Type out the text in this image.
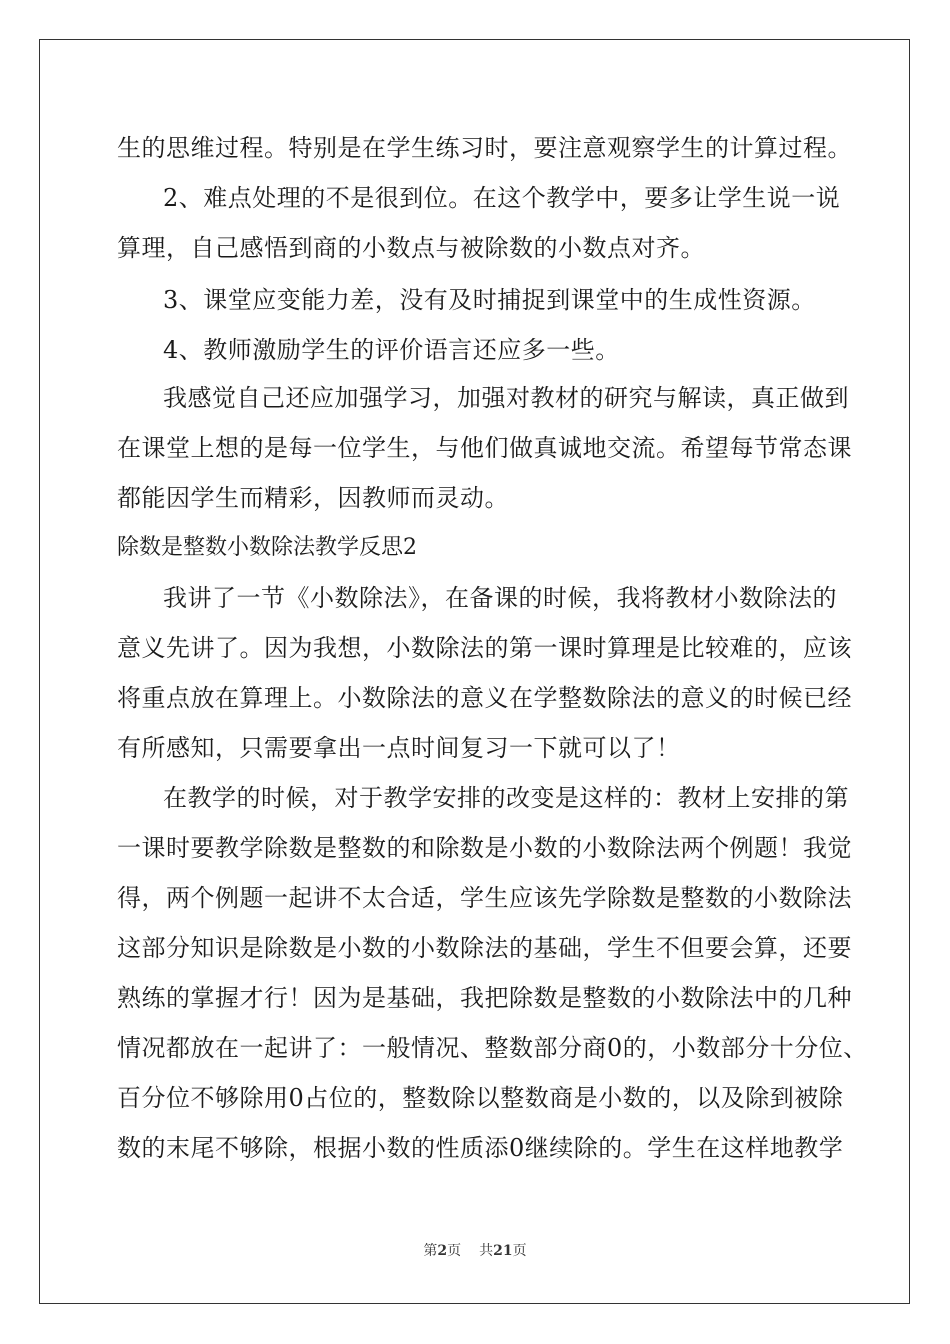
生的思维过程。特别是在学生练习时，要注意观察学生的计算过程。
2、难点处理的不是很到位。在这个教学中，要多让学生说一说
算理，自己感悟到商的小数点与被除数的小数点对齐。
3、课堂应变能力差，没有及时捕捉到课堂中的生成性资源。
4、教师激励学生的评价语言还应多一些。
我感觉自己还应加强学习，加强对教材的研究与解读，真正做到
在课堂上想的是每一位学生，与他们做真诚地交流。希望每节常态课
都能因学生而精彩，因教师而灵动。
除数是整数小数除法教学反思2
我讲了一节《小数除法》，在备课的时候，我将教材小数除法的
意义先讲了。因为我想，小数除法的第一课时算理是比较难的，应该
将重点放在算理上。小数除法的意义在学整数除法的意义的时候已经
有所感知，只需要拿出一点时间复习一下就可以了！
在教学的时候，对于教学安排的改变是这样的：教材上安排的第
一课时要教学除数是整数的和除数是小数的小数除法两个例题！我觉
得，两个例题一起讲不太合适，学生应该先学除数是整数的小数除法
这部分知识是除数是小数的小数除法的基础，学生不但要会算，还要
熟练的掌握才行！因为是基础，我把除数是整数的小数除法中的几种
情况都放在一起讲了：一般情况、整数部分商0的，小数部分十分位、
百分位不够除用0占位的，整数除以整数商是小数的，以及除到被除
数的末尾不够除，根据小数的性质添0继续除的。学生在这样地教学
第2页 共21页
